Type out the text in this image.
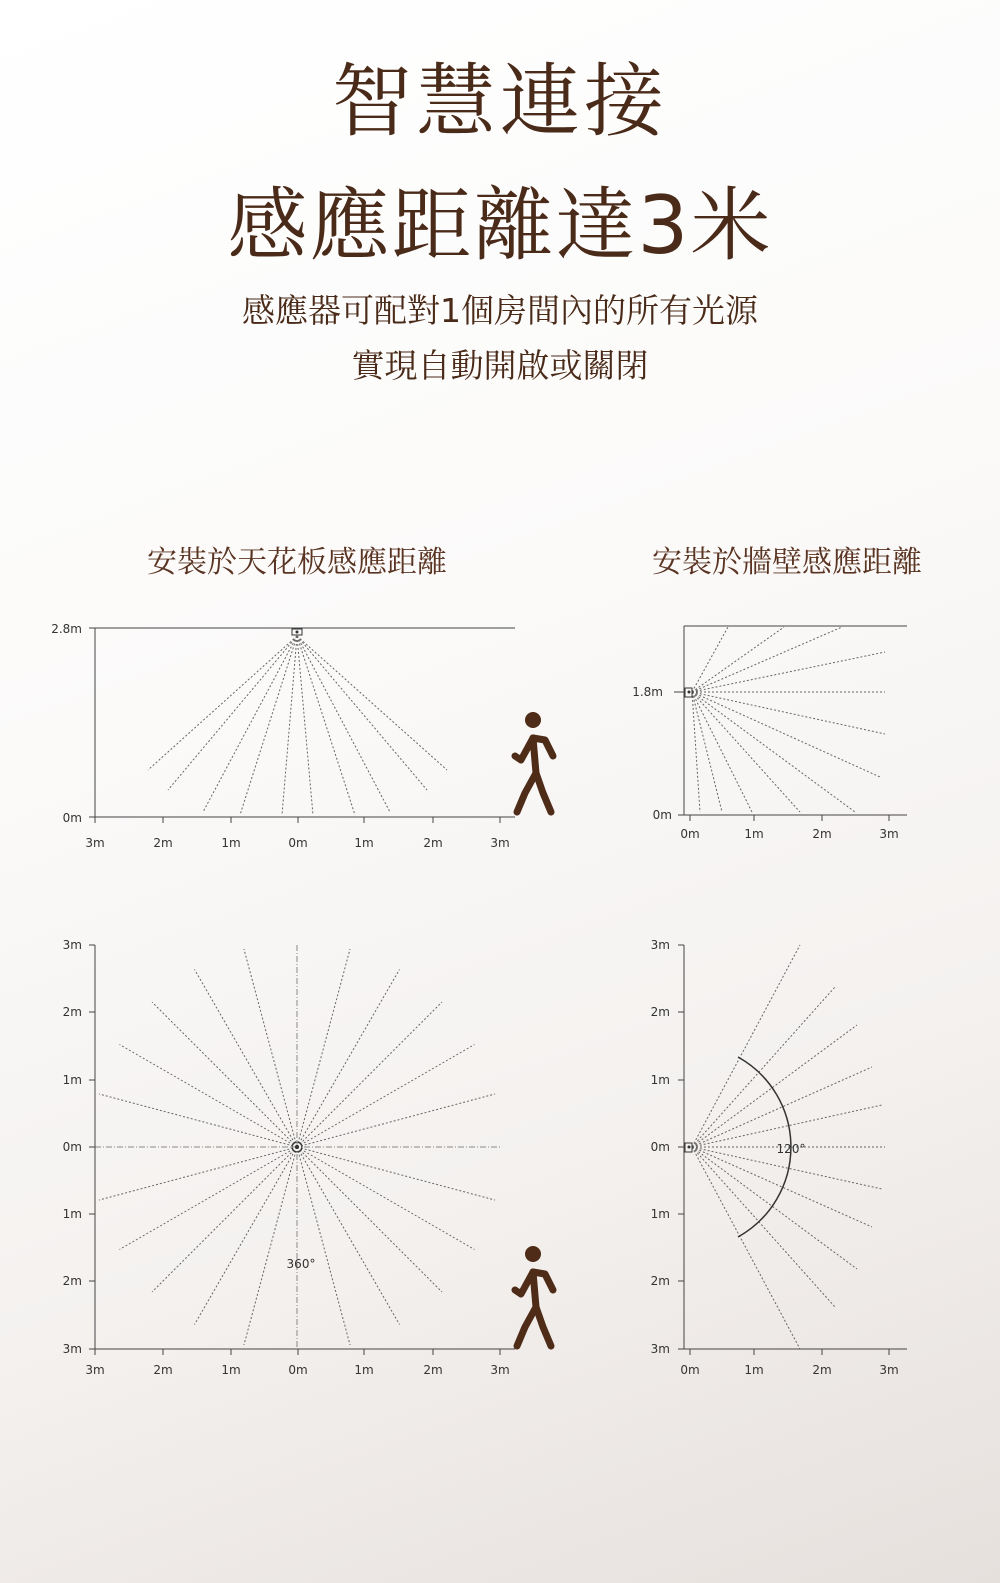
智慧連接
感應距離達3米
感應器可配對1個房間內的所有光源
實現自動開啟或關閉
安裝於天花板感應距離	安裝於牆壁感應距離
2.8m
0m
3m	2m	1m	0m	1m	2m	3m
1.8m
0m
0m	1m	2m	3m
3m
2m
1m
0m
1m
2m
3m
3m	2m	1m	0m	1m	2m	3m
360°
3m
2m
1m
0m
1m
2m
3m
0m	1m	2m	3m
120°
